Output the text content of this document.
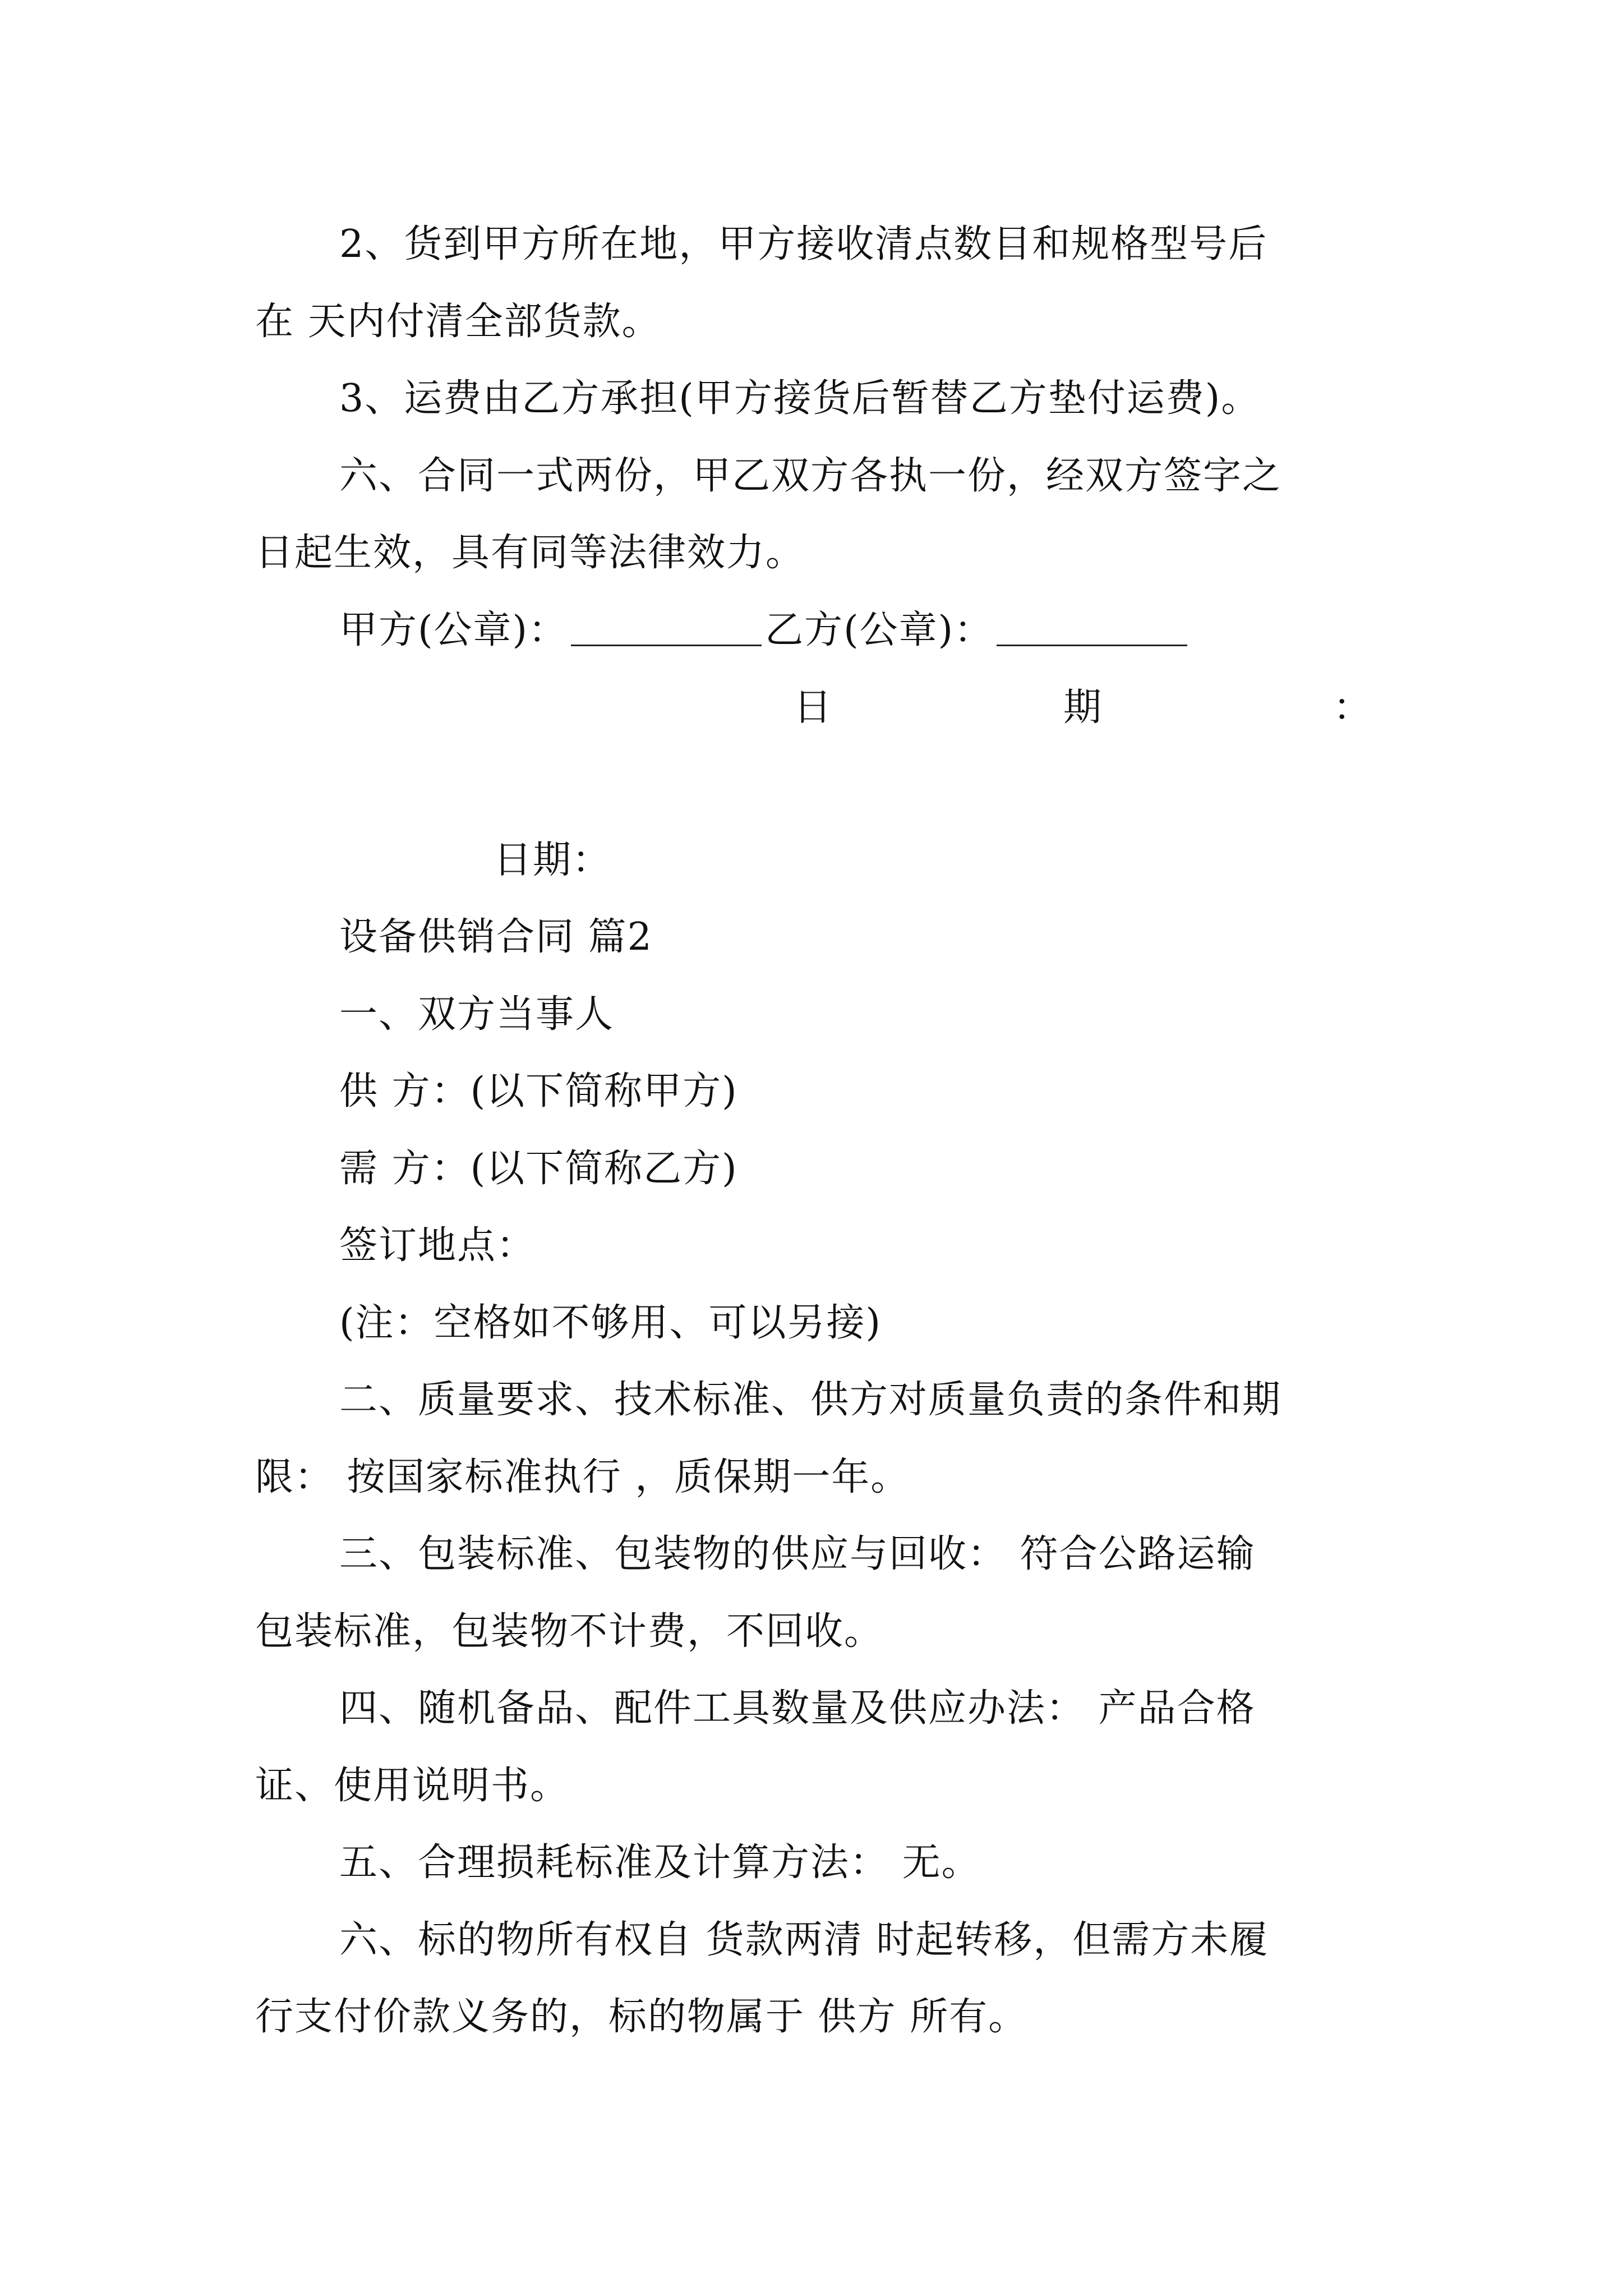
2、货到甲方所在地，甲方接收清点数目和规格型号后
在 天内付清全部货款。
3、运费由乙方承担(甲方接货后暂替乙方垫付运费)。
六、合同一式两份，甲乙双方各执一份，经双方签字之
日起生效，具有同等法律效力。
甲方(公章)：	乙方(公章)：
日	期	：
日期：
设备供销合同 篇2
一、双方当事人
供 方：(以下简称甲方)
需 方：(以下简称乙方)
签订地点：
(注：空格如不够用、可以另接)
二、质量要求、技术标准、供方对质量负责的条件和期
限： 按国家标准执行 ，质保期一年。
三、包装标准、包装物的供应与回收： 符合公路运输
包装标准，包装物不计费，不回收。
四、随机备品、配件工具数量及供应办法： 产品合格
证、使用说明书。
五、合理损耗标准及计算方法： 无。
六、标的物所有权自 货款两清 时起转移，但需方未履
行支付价款义务的，标的物属于 供方 所有。
